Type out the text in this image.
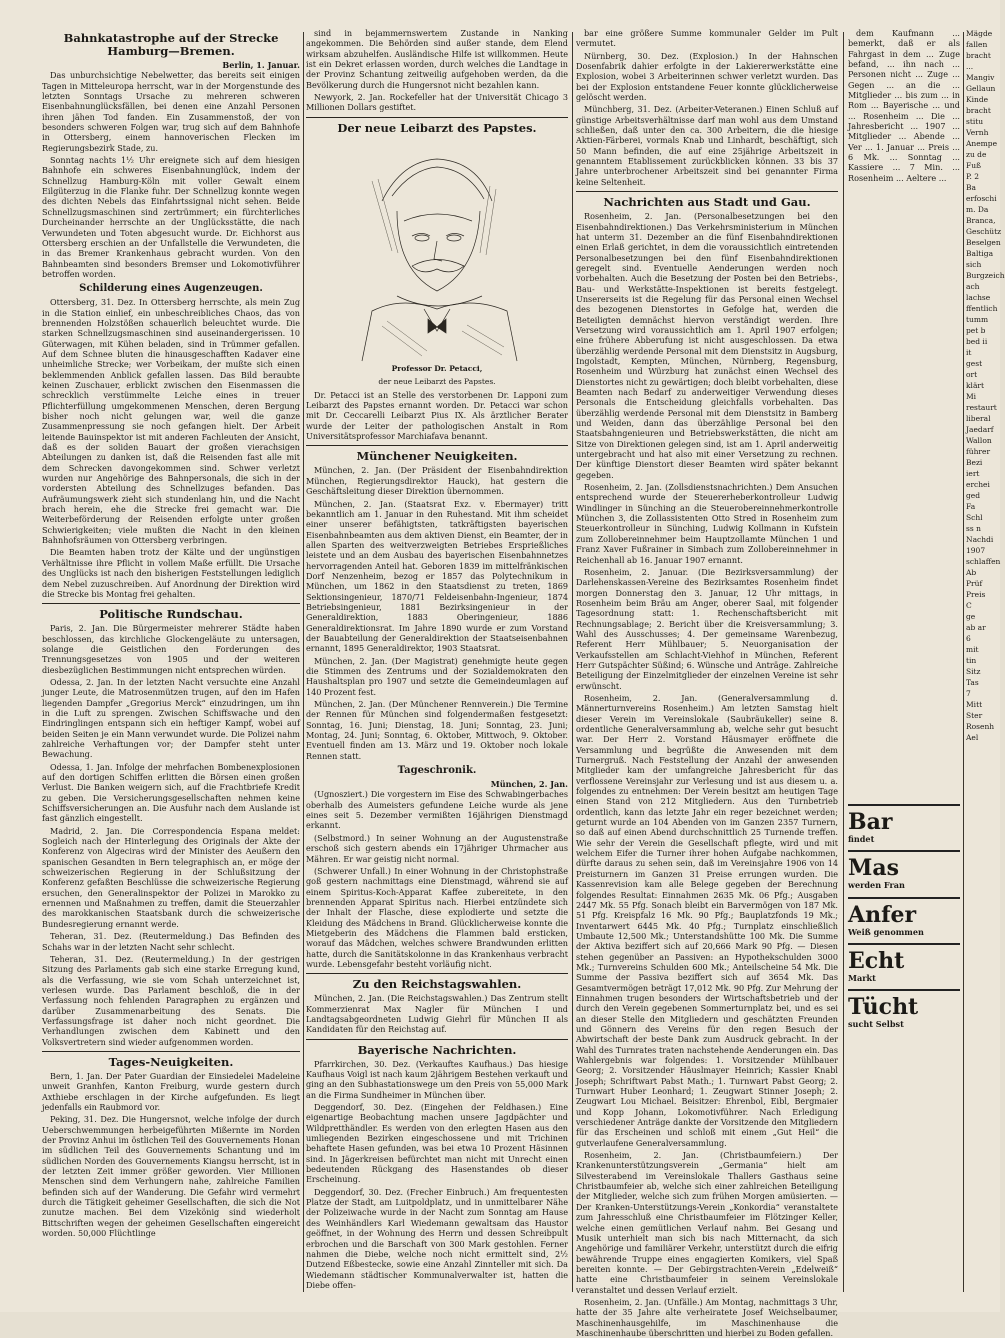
Bahnkatastrophe auf der Strecke Hamburg—Bremen.
Berlin, 1. Januar.

Das unburchsichtige Nebelwetter, das bereits seit einigen Tagen in Mitteleuropa herrscht, war in der Morgenstunde des letzten Sonntags Ursache zu mehreren schweren Eisenbahnunglücksfällen, bei denen eine Anzahl Personen ihren jähen Tod fanden. Ein Zusammenstoß, der von besonders schweren Folgen war, trug sich auf dem Bahnhofe in Ottersberg, einem hannoverischen Flecken im Regierungsbezirk Stade, zu.

Sonntag nachts 1½ Uhr ereignete sich auf dem hiesigen Bahnhofe ein schweres Eisenbahnunglück, indem der Schnellzug Hamburg-Köln mit voller Gewalt einem Eilgüterzug in die Flanke fuhr. Der Schnellzug konnte wegen des dichten Nebels das Einfahrtssignal nicht sehen. Beide Schnellzugsmaschinen sind zertrümmert; ein fürchterliches Durcheinander herrschte an der Unglücksstätte, die nach Verwundeten und Toten abgesucht wurde. Dr. Eichhorst aus Ottersberg erschien an der Unfallstelle die Verwundeten, die in das Bremer Krankenhaus gebracht wurden. Von den Bahnbeamten sind besonders Bremser und Lokomotivführer betroffen worden.

Schilderung eines Augenzeugen.

Ottersberg, 31. Dez. In Ottersberg herrschte, als mein Zug in die Station einlief, ein unbeschreibliches Chaos, das von brennenden Holzstößen schauerlich beleuchtet wurde. Die starken Schnellzugsmaschinen sind auseinandergerissen. 10 Güterwagen, mit Kühen beladen, sind in Trümmer gefallen. Auf dem Schnee bluten die hinausgeschafften Kadaver eine unheimliche Strecke; wer Vorbeikam, der mußte sich einen beklemmenden Anblick gefallen lassen. Das Bild beraubte keinen Zuschauer, erblickt zwischen den Eisenmassen die schrecklich verstümmelte Leiche eines in treuer Pflichterfüllung umgekommenen Menschen, deren Bergung bisher noch nicht gelungen war, weil die ganze Zusammenpressung sie noch gefangen hielt. Der Arbeit leitende Bauinspektor ist mit anderen Fachleuten der Ansicht, daß es der soliden Bauart der großen vierachsigen Abteilungen zu danken ist, daß die Reisenden fast alle mit dem Schrecken davongekommen sind. Schwer verletzt wurden nur Angehörige des Bahnpersonals, die sich in der vordersten Abteilung des Schnellzuges befanden. Das Aufräumungswerk zieht sich stundenlang hin, und die Nacht brach herein, ehe die Strecke frei gemacht war. Die Weiterbeförderung der Reisenden erfolgte unter großen Schwierigkeiten; viele mußten die Nacht in den kleinen Bahnhofsräumen von Ottersberg verbringen.

Die Beamten haben trotz der Kälte und der ungünstigen Verhältnisse ihre Pflicht in vollem Maße erfüllt. Die Ursache des Unglücks ist nach den bisherigen Feststellungen lediglich dem Nebel zuzuschreiben. Auf Anordnung der Direktion wird die Strecke bis Montag frei gehalten.

Politische Rundschau.

Paris, 2. Jan. Die Bürgermeister mehrerer Städte haben beschlossen, das kirchliche Glockengeläute zu untersagen, solange die Geistlichen den Forderungen des Trennungsgesetzes von 1905 und der weiteren diesbezüglichen Bestimmungen nicht entsprechen würden.

Odessa, 2. Jan. In der letzten Nacht versuchte eine Anzahl junger Leute, die Matrosenmützen trugen, auf den im Hafen liegenden Dampfer „Gregorius Merck“ einzudringen, um ihn in die Luft zu sprengen. Zwischen Schiffswache und den Eindringlingen entspann sich ein heftiger Kampf, wobei auf beiden Seiten je ein Mann verwundet wurde. Die Polizei nahm zahlreiche Verhaftungen vor; der Dampfer steht unter Bewachung.

Odessa, 1. Jan. Infolge der mehrfachen Bombenexplosionen auf den dortigen Schiffen erlitten die Börsen einen großen Verlust. Die Banken weigern sich, auf die Frachtbriefe Kredit zu geben. Die Versicherungsgesellschaften nehmen keine Schiffsversicherungen an. Die Ausfuhr nach dem Auslande ist fast gänzlich eingestellt.

Madrid, 2. Jan. Die Correspondencia Espana meldet: Sogleich nach der Hinterlegung des Originals der Akte der Konferenz von Algeciras wird der Minister des Aeußern den spanischen Gesandten in Bern telegraphisch an, er möge der schweizerischen Regierung in der Schlußsitzung der Konferenz gefaßten Beschlüsse die schweizerische Regierung ersuchen, den Generalinspektor der Polizei in Marokko zu ernennen und Maßnahmen zu treffen, damit die Steuerzahler des marokkanischen Staatsbank durch die schweizerische Bundesregierung ernannt werde.

Teheran, 31. Dez. (Reutermeldung.) Das Befinden des Schahs war in der letzten Nacht sehr schlecht.

Teheran, 31. Dez. (Reutermeldung.) In der gestrigen Sitzung des Parlaments gab sich eine starke Erregung kund, als die Verfassung, wie sie vom Schah unterzeichnet ist, verlesen wurde. Das Parlament beschloß, die in der Verfassung noch fehlenden Paragraphen zu ergänzen und darüber Zusammenarbeitung des Senats. Die Verfassungsfrage ist daher noch nicht geordnet. Die Verhandlungen zwischen dem Kabinett und den Volksvertretern sind wieder aufgenommen worden.

Tages-Neuigkeiten.

Bern, 1. Jan. Der Pater Guardian der Einsiedelei Madeleine unweit Granhfen, Kanton Freiburg, wurde gestern durch Axthiebe erschlagen in der Kirche aufgefunden. Es liegt jedenfalls ein Raubmord vor.

Peking, 31. Dez. Die Hungersnot, welche infolge der durch Ueberschwemmungen herbeigeführten Mißernte im Norden der Provinz Anhui im östlichen Teil des Gouvernements Honan im südlichen Teil des Gouvernements Schantung und im südlichen Norden des Gouvernements Kiangsu herrscht, ist in der letzten Zeit immer größer geworden. Vier Millionen Menschen sind dem Verhungern nahe, zahlreiche Familien befinden sich auf der Wanderung. Die Gefahr wird vermehrt durch die Tätigkeit geheimer Gesellschaften, die sich die Not zunutze machen. Bei dem Vizekönig sind wiederholt Bittschriften wegen der geheimen Gesellschaften eingereicht worden. 50,000 Flüchtlinge

sind in bejammernswertem Zustande in Nanking angekommen. Die Behörden sind außer stande, dem Elend wirksam abzuhelfen. Ausländische Hilfe ist willkommen. Heute ist ein Dekret erlassen worden, durch welches die Landtage in der Provinz Schantung zeitweilig aufgehoben werden, da die Bevölkerung durch die Hungersnot nicht bezahlen kann.

Newyork, 2. Jan. Rockefeller hat der Universität Chicago 3 Millionen Dollars gestiftet.

Der neue Leibarzt des Papstes.
Professor Dr. Petacci,
der neue Leibarzt des Papstes.

Dr. Petacci ist an Stelle des verstorbenen Dr. Lapponi zum Leibarzt des Papstes ernannt worden. Dr. Petacci war schon mit Dr. Ceccarelli Leibarzt Pius IX. Als ärztlicher Berater wurde der Leiter der pathologischen Anstalt in Rom Universitätsprofessor Marchiafava benannt.

Münchener Neuigkeiten.

München, 2. Jan. (Der Präsident der Eisenbahndirektion München, Regierungsdirektor Hauck), hat gestern die Geschäftsleitung dieser Direktion übernommen.

München, 2. Jan. (Staatsrat Exz. v. Ebermayer) tritt bekanntlich am 1. Januar in den Ruhestand. Mit ihm scheidet einer unserer befähigtsten, tatkräftigsten bayerischen Eisenbahnbeamten aus dem aktiven Dienst, ein Beamter, der in allen Sparten des weitverzweigten Betriebes Ersprießliches leistete und an dem Ausbau des bayerischen Eisenbahnnetzes hervorragenden Anteil hat. Geboren 1839 im mittelfränkischen Dorf Nenzenheim, bezog er 1857 das Polytechnikum in München, um 1862 in den Staatsdienst zu treten, 1869 Sektionsingenieur, 1870/71 Feldeisenbahn-Ingenieur, 1874 Betriebsingenieur, 1881 Bezirksingenieur in der Generaldirektion, 1883 Oberingenieur, 1886 Generaldirektionsrat. Im Jahre 1890 wurde er zum Vorstand der Bauabteilung der Generaldirektion der Staatseisenbahnen ernannt, 1895 Generaldirektor, 1903 Staatsrat.

München, 2. Jan. (Der Magistrat) genehmigte heute gegen die Stimmen des Zentrums und der Sozialdemokraten den Haushaltsplan pro 1907 und setzte die Gemeindeumlagen auf 140 Prozent fest.

München, 2. Jan. (Der Münchener Rennverein.) Die Termine der Rennen für München sind folgendermaßen festgesetzt: Sonntag, 16. Juni; Dienstag, 18. Juni; Sonntag, 23. Juni; Montag, 24. Juni; Sonntag, 6. Oktober, Mittwoch, 9. Oktober. Eventuell finden am 13. März und 19. Oktober noch lokale Rennen statt.

Tageschronik.
München, 2. Jan.

(Ugnosziert.) Die vorgestern im Eise des Schwabingerbaches oberhalb des Aumeisters gefundene Leiche wurde als jene eines seit 5. Dezember vermißten 16jährigen Dienstmagd erkannt.

(Selbstmord.) In seiner Wohnung an der Augustenstraße erschoß sich gestern abends ein 17jähriger Uhrmacher aus Mähren. Er war geistig nicht normal.

(Schwerer Unfall.) In einer Wohnung in der Christophstraße goß gestern nachmittags eine Dienstmagd, während sie auf einem Spiritus-Koch-Apparat Kaffee zubereitete, in den brennenden Apparat Spiritus nach. Hierbei entzündete sich der Inhalt der Flasche, diese explodierte und setzte die Kleidung des Mädchens in Brand. Glücklicherweise konnte die Mietgeberin des Mädchens die Flammen bald ersticken, worauf das Mädchen, welches schwere Brandwunden erlitten hatte, durch die Sanitätskolonne in das Krankenhaus verbracht wurde. Lebensgefahr besteht vorläufig nicht.

Zu den Reichstagswahlen.

München, 2. Jan. (Die Reichstagswahlen.) Das Zentrum stellt Kommerzienrat Max Nagler für München I und Landtagsabgeordneten Ludwig Giehrl für München II als Kandidaten für den Reichstag auf.

Bayerische Nachrichten.

Pfarrkirchen, 30. Dez. (Verkauftes Kaufhaus.) Das hiesige Kaufhaus Voigl ist nach kaum 2jährigem Bestehen verkauft und ging an den Subhastationswege um den Preis von 55,000 Mark an die Firma Sundheimer in München über.

Deggendorf, 30. Dez. (Eingehen der Feldhasen.) Eine eigenartige Beobachtung machen unsere Jagdpächter und Wildpretthändler. Es werden von den erlegten Hasen aus den umliegenden Bezirken eingeschossene und mit Trichinen behaftete Hasen gefunden, was bei etwa 10 Prozent Häsinnen sind. In Jägerkreisen befürchtet man nicht mit Unrecht einen bedeutenden Rückgang des Hasenstandes ob dieser Erscheinung.

Deggendorf, 30. Dez. (Frecher Einbruch.) Am frequentesten Platze der Stadt, am Luitpoldplatz, und in unmittelbarer Nähe der Polizeiwache wurde in der Nacht zum Sonntag am Hause des Weinhändlers Karl Wiedemann gewaltsam das Haustor geöffnet, in der Wohnung des Herrn und dessen Schreibpult erbrochen und die Barschaft von 300 Mark gestohlen. Ferner nahmen die Diebe, welche noch nicht ermittelt sind, 2½ Dutzend Eßbestecke, sowie eine Anzahl Zinnteller mit sich. Da Wiedemann städtischer Kommunalverwalter ist, hatten die Diebe offen-

bar eine größere Summe kommunaler Gelder im Pult vermutet.

Nürnberg, 30. Dez. (Explosion.) In der Hahnschen Dosenfabrik dahier erfolgte in der Lakiererwerkstätte eine Explosion, wobei 3 Arbeiterinnen schwer verletzt wurden. Das bei der Explosion entstandene Feuer konnte glücklicherweise gelöscht werden.

Münchberg, 31. Dez. (Arbeiter-Veteranen.) Einen Schluß auf günstige Arbeitsverhältnisse darf man wohl aus dem Umstand schließen, daß unter den ca. 300 Arbeitern, die die hiesige Aktien-Färberei, vormals Knab und Linhardt, beschäftigt, sich 50 Mann befinden, die auf eine 25jährige Arbeitszeit in genanntem Etablissement zurückblicken können. 33 bis 37 Jahre unterbrochener Arbeitszeit sind bei genannter Firma keine Seltenheit.

Nachrichten aus Stadt und Gau.

Rosenheim, 2. Jan. (Personalbesetzungen bei den Eisenbahndirektionen.) Das Verkehrsministerium in München hat unterm 31. Dezember an die fünf Eisenbahndirektionen einen Erlaß gerichtet, in dem die voraussichtlich eintretenden Personalbesetzungen bei den fünf Eisenbahndirektionen geregelt sind. Eventuelle Aenderungen werden noch vorbehalten. Auch die Besetzung der Posten bei den Betriebs-, Bau- und Werkstätte-Inspektionen ist bereits festgelegt. Unsererseits ist die Regelung für das Personal einen Wechsel des bezogenen Dienstortes in Gefolge hat, werden die Beteiligten demnächst hiervon verständigt werden. Ihre Versetzung wird voraussichtlich am 1. April 1907 erfolgen; eine frühere Abberufung ist nicht ausgeschlossen. Da etwa überzählig werdende Personal mit dem Dienstsitz in Augsburg, Ingolstadt, Kempten, München, Nürnberg, Regensburg, Rosenheim und Würzburg hat zunächst einen Wechsel des Dienstortes nicht zu gewärtigen; doch bleibt vorbehalten, diese Beamten nach Bedarf zu anderweitiger Verwendung dieses Personals die Entscheidung gleichfalls vorbehalten. Das überzählig werdende Personal mit dem Dienstsitz in Bamberg und Weiden, dann das überzählige Personal bei den Staatsbahngenieuren und Betriebswerkstätten, die nicht am Sitze von Direktionen gelegen sind, ist am 1. April anderweitig untergebracht und hat also mit einer Versetzung zu rechnen. Der künftige Dienstort dieser Beamten wird später bekannt gegeben.

Rosenheim, 2. Jan. (Zollsdienstsnachrichten.) Dem Ansuchen entsprechend wurde der Steuererheberkontrolleur Ludwig Windlinger in Sünching an die Steuerobereinnehmerkontrolle München 3, die Zollassistenten Otto Stred in Rosenheim zum Steuerkontrolleur in Sünching, Ludwig Kollmann in Kufstein zum Zollobereinnehmer beim Hauptzollamte München 1 und Franz Xaver Fußrainer in Simbach zum Zollobereinnehmer in Reichenhall ab 16. Januar 1907 ernannt.

Rosenheim, 2. Januar. (Die Bezirksversammlung) der Darlehenskassen-Vereine des Bezirksamtes Rosenheim findet morgen Donnerstag den 3. Januar, 12 Uhr mittags, in Rosenheim beim Bräu am Anger, oberer Saal, mit folgender Tagesordnung statt: 1. Rechenschaftsbericht mit Rechnungsablage; 2. Bericht über die Kreisversammlung; 3. Wahl des Ausschusses; 4. Der gemeinsame Warenbezug, Referent Herr Mühlbauer; 5. Neuorganisation der Verkaufsstellen am Schlacht-Viehhof in München, Referent Herr Gutspächter Süßind; 6. Wünsche und Anträge. Zahlreiche Beteiligung der Einzelmitglieder der einzelnen Vereine ist sehr erwünscht.

Rosenheim, 2. Jan. (Generalversammlung d. Männerturnvereins Rosenheim.) Am letzten Samstag hielt dieser Verein im Vereinslokale (Saubräukeller) seine 8. ordentliche Generalversammlung ab, welche sehr gut besucht war. Der Herr 2. Vorstand Häusmayer eröffnete die Versammlung und begrüßte die Anwesenden mit dem Turnergruß. Nach Feststellung der Anzahl der anwesenden Mitglieder kam der umfangreiche Jahresbericht für das verflossene Vereinsjahr zur Verlesung und ist aus diesem u. a. folgendes zu entnehmen: Der Verein besitzt am heutigen Tage einen Stand von 212 Mitgliedern. Aus den Turnbetrieb ordentlich, kann das letzte Jahr ein reger bezeichnet werden; geturnt wurde an 104 Abenden von im Ganzen 2357 Turnern, so daß auf einen Abend durchschnittlich 25 Turnende treffen. Wie sehr der Verein die Gesellschaft pflegte, wird und mit welchem Eifer die Turner ihrer hohen Aufgabe nachkommen, dürfte daraus zu sehen sein, daß im Vereinsjahre 1906 von 14 Preisturnern im Ganzen 31 Preise errungen wurden. Die Kassenrevision kam alle Belege gegeben der Berechnung folgendes Resultat: Einnahmen 2635 Mk. 06 Pfg.; Ausgaben 2447 Mk. 55 Pfg. Sonach bleibt ein Barvermögen von 187 Mk. 51 Pfg. Kreispfalz 16 Mk. 90 Pfg.; Bauplatzfonds 19 Mk.; Inventarwert 6445 Mk. 40 Pfg.; Turnplatz einschließlich Umbaute 12,500 Mk.; Unterstandshütte 100 Mk. Die Summe der Aktiva beziffert sich auf 20,666 Mark 90 Pfg. — Diesen stehen gegenüber an Passiven: an Hypothekschulden 3000 Mk.; Turnvereins Schulden 600 Mk.; Anteilscheine 54 Mk. Die Summe der Passiva beziffert sich auf 3654 Mk. Das Gesamtvermögen beträgt 17,012 Mk. 90 Pfg. Zur Mehrung der Einnahmen trugen besonders der Wirtschaftsbetrieb und der durch den Verein gegebenen Sommerturnplatz bei, und es sei an dieser Stelle den Mitgliedern und geschätzten Freunden und Gönnern des Vereins für den regen Besuch der Abwirtschaft der beste Dank zum Ausdruck gebracht. In der Wahl des Turnrates traten nachstehende Aenderungen ein. Das Wahlergebnis war folgendes: 1. Vorsitzender Mühlbauer Georg; 2. Vorsitzender Häuslmayer Heinrich; Kassier Knabl Joseph; Schriftwart Pabst Math.; 1. Turnwart Pabst Georg; 2. Turnwart Huber Leonhard; 1. Zeugwart Stinner Joseph; 2. Zeugwart Lou Michael. Beisitzer: Ehrenbol, Eibl, Bergmaier und Kopp Johann, Lokomotivführer. Nach Erledigung verschiedener Anträge dankte der Vorsitzende den Mitgliedern für das Erscheinen und schloß mit einem „Gut Heil“ die gutverlaufene Generalversammlung.

Rosenheim, 2. Jan. (Christbaumfeiern.) Der Krankenunterstützungsverein „Germania“ hielt am Silvesterabend im Vereinslokale Thallers Gasthaus seine Christbaumfeier ab, welche sich einer zahlreichen Beteiligung der Mitglieder, welche sich zum frühen Morgen amüsierten. — Der Kranken-Unterstützungs-Verein „Konkordia“ veranstaltete zum Jahresschluß eine Christbaumfeier im Flötzinger Keller, welche einen gemütlichen Verlauf nahm. Bei Gesang und Musik unterhielt man sich bis nach Mitternacht, da sich Angehörige und familiärer Verkehr, unterstützt durch die eifrig bewährende Truppe eines engagierten Komikers, viel Spaß bereiten konnte. — Der Gebirgstrachten-Verein „Edelweiß“ hatte eine Christbaumfeier in seinem Vereinslokale veranstaltet und dessen Verlauf erzielt.

Rosenheim, 2. Jan. (Unfälle.) Am Montag, nachmittags 3 Uhr, hatte der 35 Jahre alte verheiratete Josef Weichselbaumer, Maschinenhausgehilfe, im Maschinenhause die Maschinenhaube überschritten und hierbei zu Boden gefallen.

dem Kaufmann ... bemerkt, daß er als Fahrgast in dem ... Zuge befand, ... ihn nach ... Personen nicht ... Zuge ... Gegen ... an die ... Mitglieder ... bis zum ... in Rom ... Bayerische ... und ... Rosenheim ... Die ... Jahresbericht ... 1907 ... Mitglieder ... Abende ... Ver ... 1. Januar ... Preis ... 6 Mk. ... Sonntag ... Kassiere ... 7 Min. ... Rosenheim ... Aeltere ...

Bar
findet
Mas
werden Fran
Anfer
Weiß genommen
Echt
Markt
Tücht
sucht Selbst
Mägde fallen bracht ...
Mangiv
Gellaun
Kinde
bracht
stitu
Vernh
Anempe
zu de
Fuß
P. 2
Ba
erfoschi
m. Da
Branca,
Geschütz
Beselgen
Baltiga
sich
Burgzeich
ach
lachse
ffentlich
tumm
pet b
bed ii
it
gest
ort
klärt
Mi
restaurt
liberal
Jaedarf
Wallon
führer
Bezi
iert
erchei
ged
Fa
Schl
ss n
Nachdi
1907
schlaffen
Ab
Prüf
Preis
C
ge
ab ar
6
mit
tin
Sitz
Tas
7
Mitt
Ster
Rosenh
Ael
